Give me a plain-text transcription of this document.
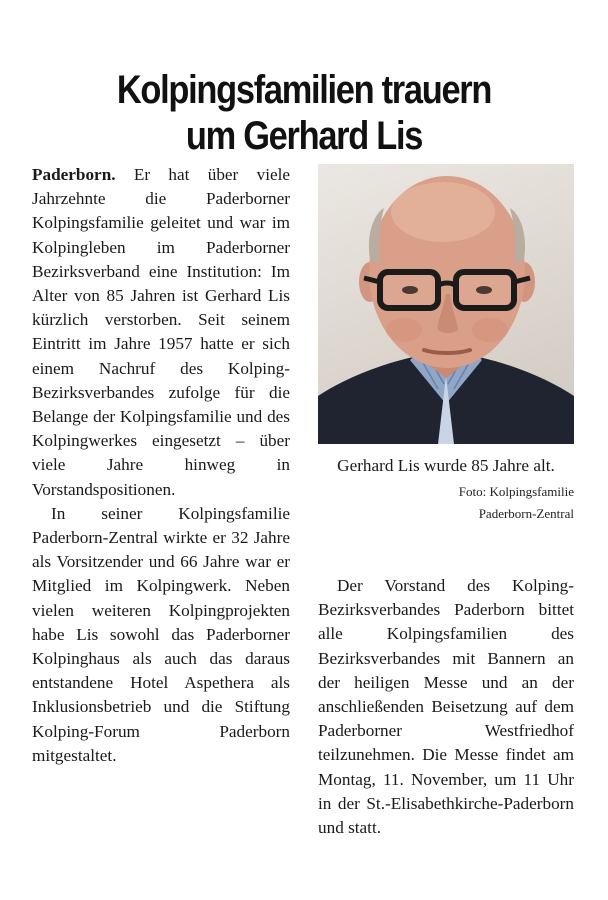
Kolpingsfamilien trauern
um Gerhard Lis

Paderborn. Er hat über viele Jahrzehnte die Paderborner Kolpingsfamilie geleitet und war im Kolpingleben im Paderborner Bezirksverband eine Institution: Im Alter von 85 Jahren ist Gerhard Lis kürzlich verstorben. Seit seinem Eintritt im Jahre 1957 hatte er sich einem Nachruf des Kolping-Bezirksverbandes zufolge für die Belange der Kolpingsfamilie und des Kolpingwerkes eingesetzt – über viele Jahre hinweg in Vorstandspositionen.

In seiner Kolpingsfamilie Paderborn-Zentral wirkte er 32 Jahre als Vorsitzender und 66 Jahre war er Mitglied im Kolpingwerk. Neben vielen weiteren Kolpingprojekten habe Lis sowohl das Paderborner Kolpinghaus als auch das daraus entstandene Hotel Aspethera als Inklusionsbetrieb und die Stiftung Kolping-Forum Paderborn mitgestaltet.

Gerhard Lis wurde 85 Jahre alt.
Foto: Kolpingsfamilie
Paderborn-Zentral

Der Vorstand des Kolping-Bezirksverbandes Paderborn bittet alle Kolpingsfamilien des Bezirksverbandes mit Bannern an der heiligen Messe und an der anschließenden Beisetzung auf dem Paderborner Westfriedhof teilzunehmen. Die Messe findet am Montag, 11. November, um 11 Uhr in der St.-Elisabethkirche-Paderborn und statt.
